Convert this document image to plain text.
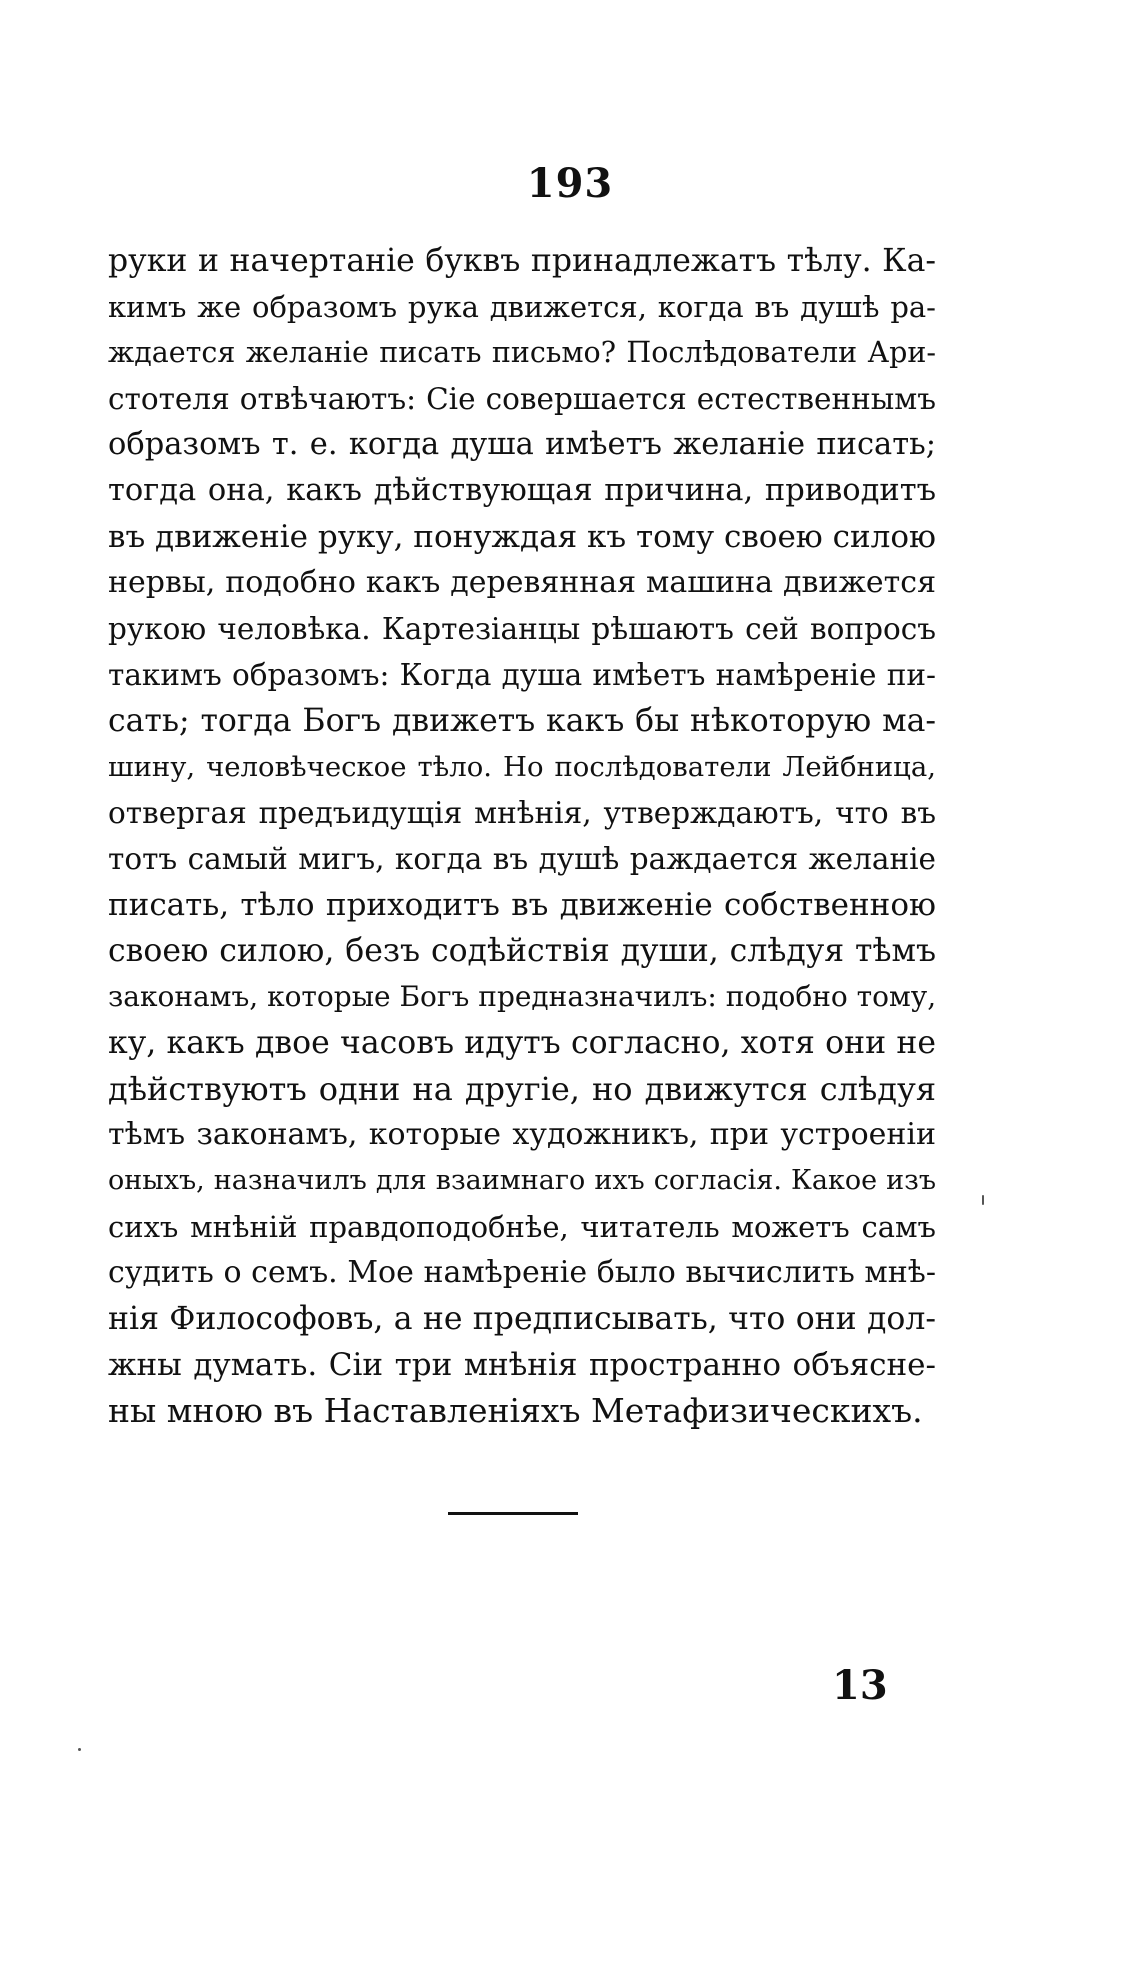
193
руки и начертаніе буквъ принадлежатъ тѣлу. Ка-
кимъ же образомъ рука движется, когда въ душѣ ра-
ждается желаніе писать письмо? Послѣдователи Ари-
стотеля отвѣчаютъ: Сіе совершается естественнымъ
образомъ т. е. когда душа имѣетъ желаніе писать;
тогда она, какъ дѣйствующая причина, приводитъ
въ движеніе руку, понуждая къ тому своею силою
нервы, подобно какъ деревянная машина движется
рукою человѣка. Картезіанцы рѣшаютъ сей вопросъ
такимъ образомъ: Когда душа имѣетъ намѣреніе пи-
сать; тогда Богъ движетъ какъ бы нѣкоторую ма-
шину, человѣческое тѣло. Но послѣдователи Лейбница,
отвергая предъидущія мнѣнія, утверждаютъ, что въ
тотъ самый мигъ, когда въ душѣ раждается желаніе
писать, тѣло приходитъ въ движеніе собственною
своею силою, безъ содѣйствія души, слѣдуя тѣмъ
законамъ, которые Богъ предназначилъ: подобно тому,
ку, какъ двое часовъ идутъ согласно, хотя они не
дѣйствуютъ одни на другіе, но движутся слѣдуя
тѣмъ законамъ, которые художникъ, при устроеніи
оныхъ, назначилъ для взаимнаго ихъ согласія. Какое изъ
сихъ мнѣній правдоподобнѣе, читатель можетъ самъ
судить о семъ. Мое намѣреніе было вычислить мнѣ-
нія Философовъ, а не предписывать, что они дол-
жны думать. Сіи три мнѣнія пространно объясне-
ны мною въ Наставленіяхъ Метафизическихъ.
13
